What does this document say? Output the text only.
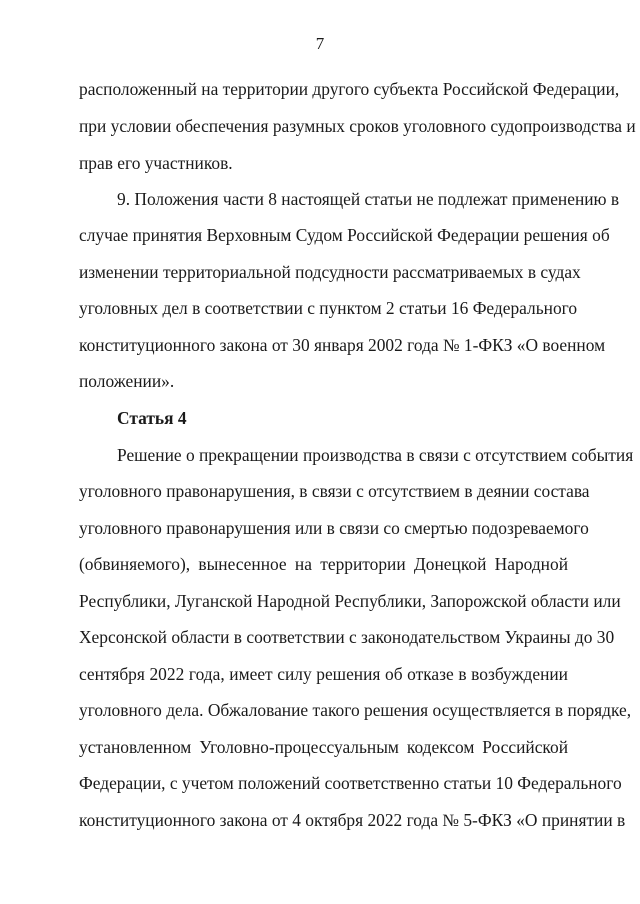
7
расположенный на территории другого субъекта Российской Федерации,
при условии обеспечения разумных сроков уголовного судопроизводства и
прав его участников.
9. Положения части 8 настоящей статьи не подлежат применению в
случае принятия Верховным Судом Российской Федерации решения об
изменении территориальной подсудности рассматриваемых в судах
уголовных дел в соответствии с пунктом 2 статьи 16 Федерального
конституционного закона от 30 января 2002 года № 1-ФКЗ «О военном
положении».
Статья 4
Решение о прекращении производства в связи с отсутствием события
уголовного правонарушения, в связи с отсутствием в деянии состава
уголовного правонарушения или в связи со смертью подозреваемого
(обвиняемого), вынесенное на территории Донецкой Народной
Республики, Луганской Народной Республики, Запорожской области или
Херсонской области в соответствии с законодательством Украины до 30
сентября 2022 года, имеет силу решения об отказе в возбуждении
уголовного дела. Обжалование такого решения осуществляется в порядке,
установленном Уголовно-процессуальным кодексом Российской
Федерации, с учетом положений соответственно статьи 10 Федерального
конституционного закона от 4 октября 2022 года № 5-ФКЗ «О принятии в
